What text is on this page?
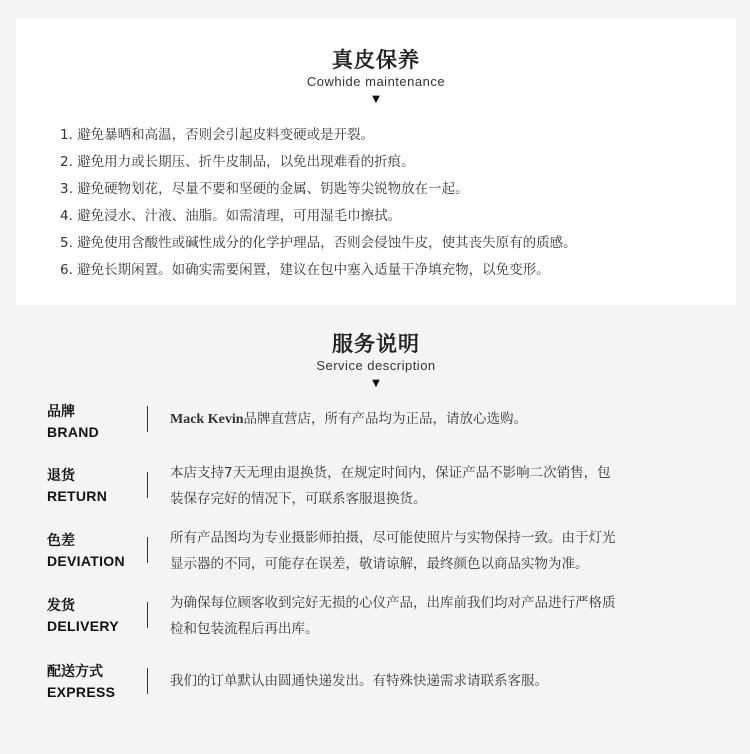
真皮保养
Cowhide maintenance
▼
1. 避免暴晒和高温，否则会引起皮料变硬或是开裂。
2. 避免用力或长期压、折牛皮制品，以免出现难看的折痕。
3. 避免硬物划花，尽量不要和坚硬的金属、钥匙等尖锐物放在一起。
4. 避免浸水、汁液、油脂。如需清理，可用湿毛巾擦拭。
5. 避免使用含酸性或碱性成分的化学护理品，否则会侵蚀牛皮，使其丧失原有的质感。
6. 避免长期闲置。如确实需要闲置，建议在包中塞入适量干净填充物，以免变形。
服务说明
Service description
▼
品牌
BRAND
Mack Kevin品牌直营店，所有产品均为正品，请放心选购。
退货
RETURN
本店支持7天无理由退换货，在规定时间内，保证产品不影响二次销售，包
装保存完好的情况下，可联系客服退换货。
色差
DEVIATION
所有产品图均为专业摄影师拍摄，尽可能使照片与实物保持一致。由于灯光
显示器的不同，可能存在误差，敬请谅解，最终颜色以商品实物为准。
发货
DELIVERY
为确保每位顾客收到完好无损的心仪产品，出库前我们均对产品进行严格质
检和包装流程后再出库。
配送方式
EXPRESS
我们的订单默认由圆通快递发出。有特殊快递需求请联系客服。
